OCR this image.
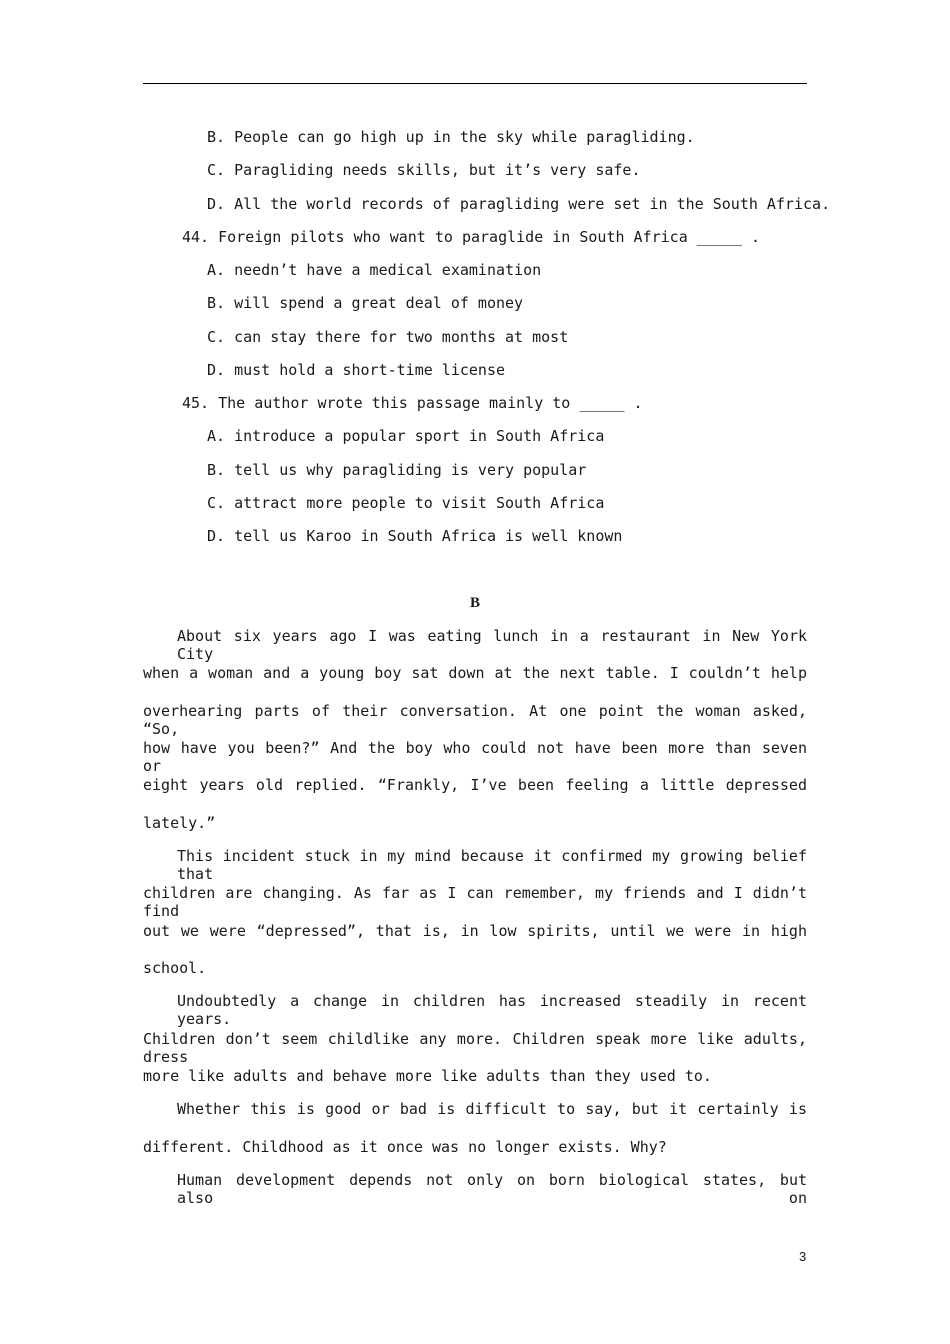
B. People can go high up in the sky while paragliding.
C. Paragliding needs skills, but it’s very safe.
D. All the world records of paragliding were set in the South Africa.
44. Foreign pilots who want to paraglide in South Africa _____ .
A. needn’t have a medical examination
B. will spend a great deal of money
C. can stay there for two months at most
D. must hold a short-time license
45. The author wrote this passage mainly to _____ .
A. introduce a popular sport in South Africa
B. tell us why paragliding is very popular
C. attract more people to visit South Africa
D. tell us Karoo in South Africa is well known
B
About six years ago I was eating lunch in a restaurant in New York City
when a woman and a young boy sat down at the next table. I couldn’t help
overhearing parts of their conversation. At one point the woman asked, “So,
how have you been?” And the boy who could not have been more than seven or
eight years old replied. “Frankly, I’ve been feeling a little depressed
lately.”
This incident stuck in my mind because it confirmed my growing belief that
children are changing. As far as I can remember, my friends and I didn’t find
out we were “depressed”, that is, in low spirits, until we were in high
school.
Undoubtedly a change in children has increased steadily in recent years.
Children don’t seem childlike any more. Children speak more like adults, dress
more like adults and behave more like adults than they used to.
Whether this is good or bad is difficult to say, but it certainly is
different. Childhood as it once was no longer exists. Why?
Human development depends not only on born biological states, but also on
3
